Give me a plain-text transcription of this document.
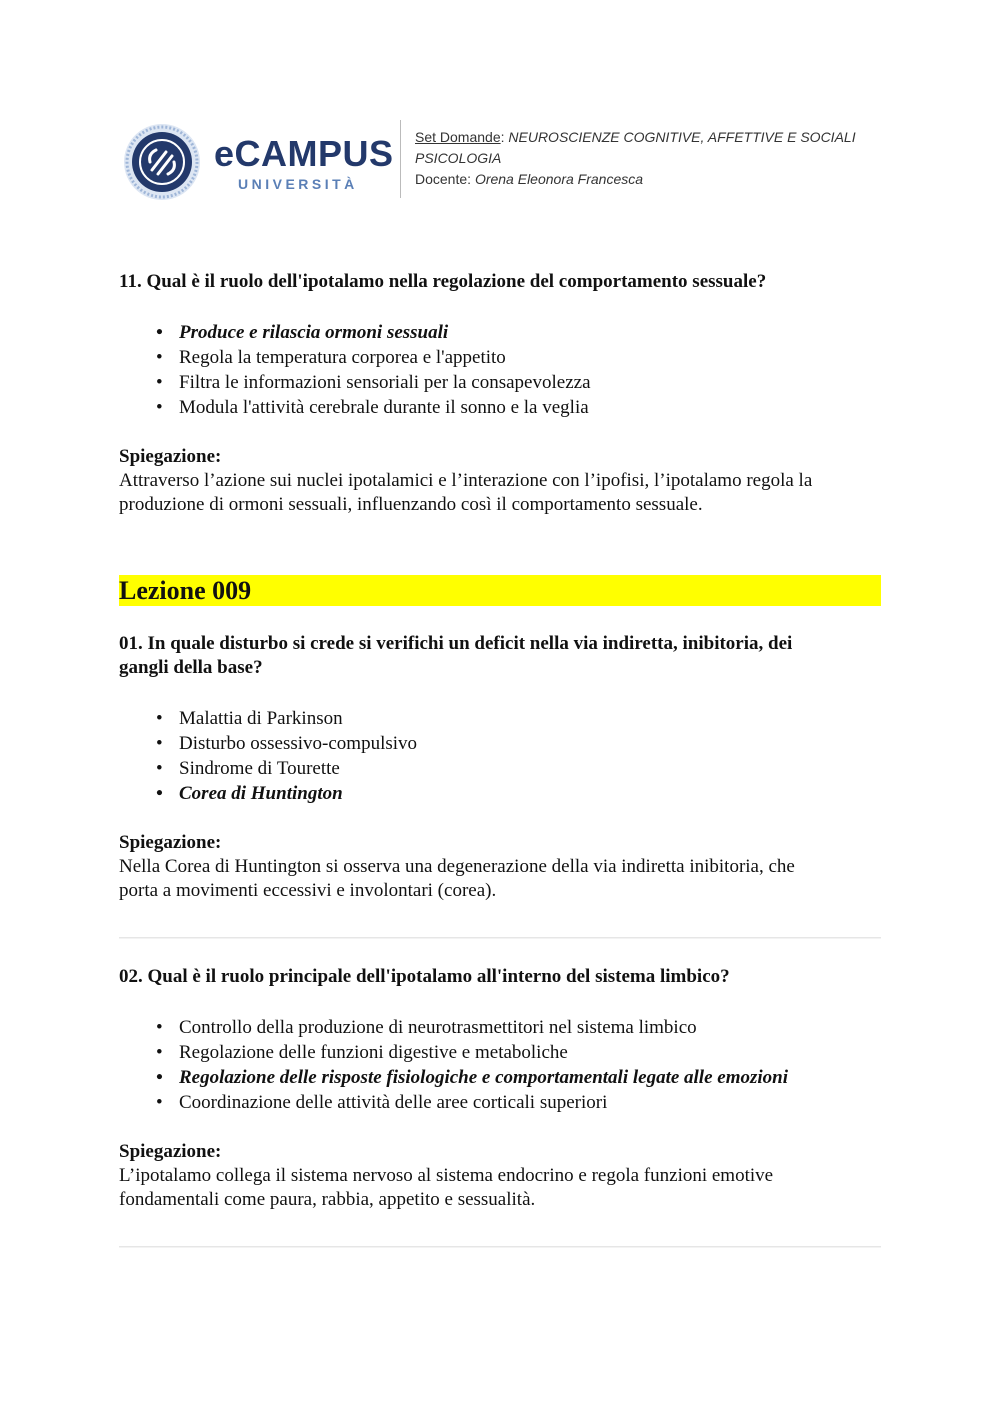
eCAMPUS
UNIVERSITÀ
Set Domande: NEUROSCIENZE COGNITIVE, AFFETTIVE E SOCIALI
PSICOLOGIA
Docente: Orena Eleonora Francesca

11. Qual è il ruolo dell'ipotalamo nella regolazione del comportamento sessuale?

• Produce e rilascia ormoni sessuali
• Regola la temperatura corporea e l'appetito
• Filtra le informazioni sensoriali per la consapevolezza
• Modula l'attività cerebrale durante il sonno e la veglia
Spiegazione:
Attraverso l’azione sui nuclei ipotalamici e l’interazione con l’ipofisi, l’ipotalamo regola la
produzione di ormoni sessuali, influenzando così il comportamento sessuale.
Lezione 009

01. In quale disturbo si crede si verifichi un deficit nella via indiretta, inibitoria, dei

gangli della base?

• Malattia di Parkinson
• Disturbo ossessivo-compulsivo
• Sindrome di Tourette
• Corea di Huntington
Spiegazione:
Nella Corea di Huntington si osserva una degenerazione della via indiretta inibitoria, che
porta a movimenti eccessivi e involontari (corea).

02. Qual è il ruolo principale dell'ipotalamo all'interno del sistema limbico?

• Controllo della produzione di neurotrasmettitori nel sistema limbico
• Regolazione delle funzioni digestive e metaboliche
• Regolazione delle risposte fisiologiche e comportamentali legate alle emozioni
• Coordinazione delle attività delle aree corticali superiori
Spiegazione:
L’ipotalamo collega il sistema nervoso al sistema endocrino e regola funzioni emotive
fondamentali come paura, rabbia, appetito e sessualità.
